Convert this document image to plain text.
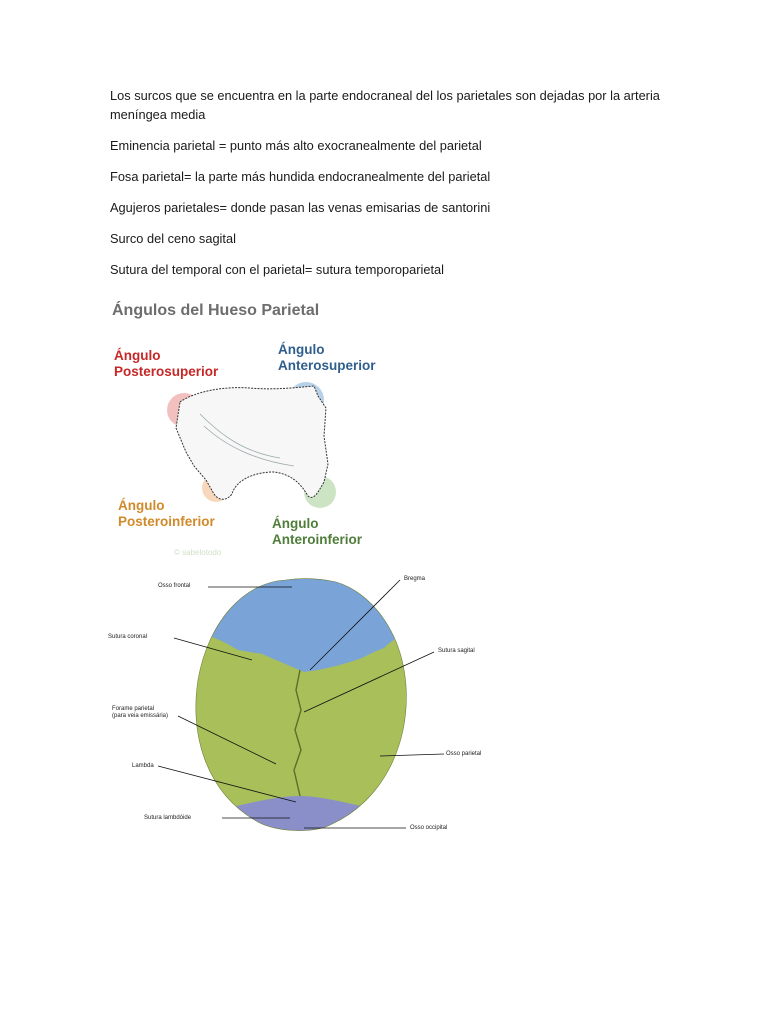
Los surcos que se encuentra en la parte endocraneal del los parietales son dejadas por la arteria meníngea media

Eminencia parietal = punto más alto exocranealmente del parietal

Fosa parietal= la parte más hundida endocranealmente del parietal

Agujeros parietales= donde pasan las venas emisarias de santorini

Surco del ceno sagital

Sutura del temporal con el parietal= sutura temporoparietal

Ángulos del Hueso Parietal
Ángulo
Posterosuperior
Ángulo
Anterosuperior
Ángulo
Posteroinferior	Ángulo
Anteroinferior
© sabelotodo
Osso frontal
Bregma
Sutura coronal
Sutura sagital
Forame parietal
(para veia emissária)
Osso parietal
Lambda
Sutura lambdóide
Osso occipital
